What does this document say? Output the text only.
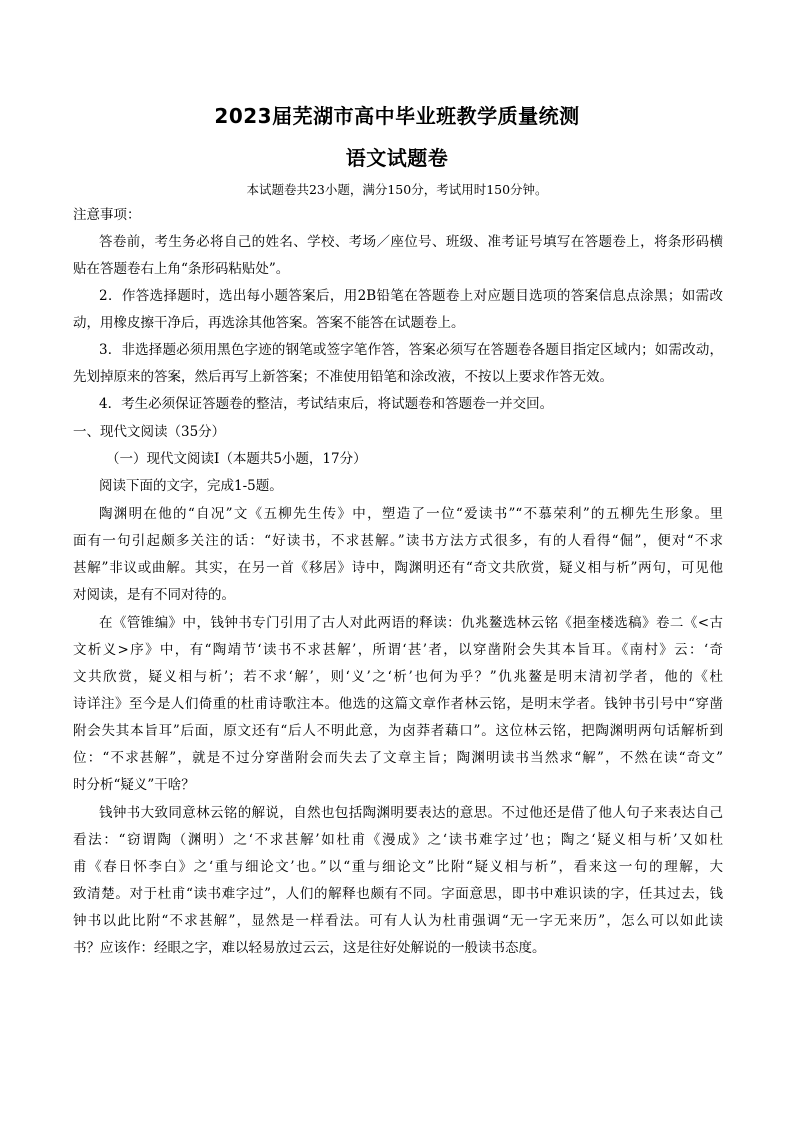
2023届芜湖市高中毕业班教学质量统测
语文试题卷
本试题卷共23小题，满分150分，考试用时150分钟。
注意事项：
答卷前，考生务必将自己的姓名、学校、考场／座位号、班级、准考证号填写在答题卷上，将条形码横
贴在答题卷右上角“条形码粘贴处”。
2．作答选择题时，选出每小题答案后，用2B铅笔在答题卷上对应题目选项的答案信息点涂黑；如需改
动，用橡皮擦干净后，再选涂其他答案。答案不能答在试题卷上。
3．非选择题必须用黑色字迹的钢笔或签字笔作答，答案必须写在答题卷各题目指定区域内；如需改动，
先划掉原来的答案，然后再写上新答案；不准使用铅笔和涂改液，不按以上要求作答无效。
4．考生必须保证答题卷的整洁，考试结束后，将试题卷和答题卷一并交回。
一、现代文阅读（35分）
（一）现代文阅读Ⅰ（本题共5小题，17分）
阅读下面的文字，完成1-5题。
陶渊明在他的“自况”文《五柳先生传》中，塑造了一位“爱读书”“不慕荣利”的五柳先生形象。里
面有一句引起颇多关注的话：“好读书，不求甚解。”读书方法方式很多，有的人看得“倔”，便对“不求
甚解”非议或曲解。其实，在另一首《移居》诗中，陶渊明还有“奇文共欣赏，疑义相与析”两句，可见他
对阅读，是有不同对待的。
在《管锥编》中，钱钟书专门引用了古人对此两语的释读：仇兆鳌选林云铭《挹奎楼选稿》卷二《<古
文析义>序》中，有“陶靖节‘读书不求甚解’，所谓‘甚’者，以穿凿附会失其本旨耳。《南村》云：‘奇
文共欣赏，疑义相与析’；若不求‘解’，则‘义’之‘析’也何为乎？”仇兆鳌是明末清初学者，他的《杜
诗详注》至今是人们倚重的杜甫诗歌注本。他选的这篇文章作者林云铭，是明末学者。钱钟书引号中“穿凿
附会失其本旨耳”后面，原文还有“后人不明此意，为卤莽者藉口”。这位林云铭，把陶渊明两句话解析到
位：“不求甚解”，就是不过分穿凿附会而失去了文章主旨；陶渊明读书当然求“解”，不然在读“奇文”
时分析“疑义”干啥？
钱钟书大致同意林云铭的解说，自然也包括陶渊明要表达的意思。不过他还是借了他人句子来表达自己
看法：“窃谓陶（渊明）之‘不求甚解’如杜甫《漫成》之‘读书难字过’也；陶之‘疑义相与析’又如杜
甫《春日怀李白》之‘重与细论文’也。”以“重与细论文”比附“疑义相与析”，看来这一句的理解，大
致清楚。对于杜甫“读书难字过”，人们的解释也颇有不同。字面意思，即书中难识读的字，任其过去，钱
钟书以此比附“不求甚解”，显然是一样看法。可有人认为杜甫强调“无一字无来历”，怎么可以如此读
书？应该作：经眼之字，难以轻易放过云云，这是往好处解说的一般读书态度。
